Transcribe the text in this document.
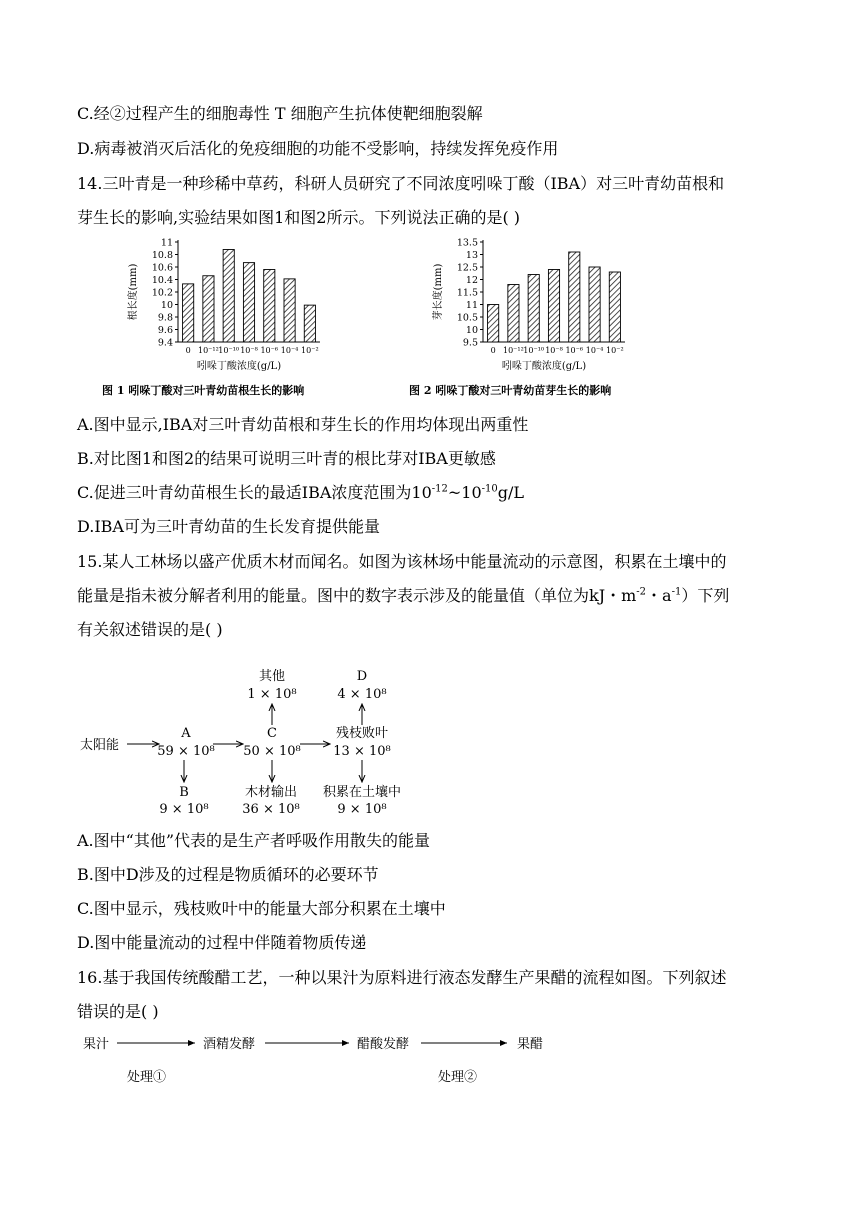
C.经②过程产生的细胞毒性 T 细胞产生抗体使靶细胞裂解
D.病毒被消灭后活化的免疫细胞的功能不受影响，持续发挥免疫作用
14.三叶青是一种珍稀中草药，科研人员研究了不同浓度吲哚丁酸（IBA）对三叶青幼苗根和
芽生长的影响,实验结果如图1和图2所示。下列说法正确的是( )
根长度(mm)
9.4
9.6
9.8
10
10.2
10.4
10.6
10.8
11
0 10⁻¹² 10⁻¹⁰ 10⁻⁸ 10⁻⁶ 10⁻⁴ 10⁻²
吲哚丁酸浓度(g/L)
图 1 吲哚丁酸对三叶青幼苗根生长的影响
芽长度(mm)
9.5
10
10.5
11
11.5
12
12.5
13
13.5
0 10⁻¹² 10⁻¹⁰ 10⁻⁸ 10⁻⁶ 10⁻⁴ 10⁻²
吲哚丁酸浓度(g/L)
图 2 吲哚丁酸对三叶青幼苗芽生长的影响
A.图中显示,IBA对三叶青幼苗根和芽生长的作用均体现出两重性
B.对比图1和图2的结果可说明三叶青的根比芽对IBA更敏感
C.促进三叶青幼苗根生长的最适IBA浓度范围为$10^{-12}\sim 10^{-10}g/L$
D.IBA可为三叶青幼苗的生长发育提供能量
15.某人工林场以盛产优质木材而闻名。如图为该林场中能量流动的示意图，积累在土壤中的
能量是指未被分解者利用的能量。图中的数字表示涉及的能量值（单位为kJ・$m^{-2}$・$a^{-1}$）下列
有关叙述错误的是( )
太阳能
A
59 × 10⁸
B
9 × 10⁸
C
50 × 10⁸
其他
1 × 10⁸
木材输出
36 × 10⁸
残枝败叶
13 × 10⁸
D
4 × 10⁸
积累在土壤中
9 × 10⁸
A.图中“其他”代表的是生产者呼吸作用散失的能量
B.图中D涉及的过程是物质循环的必要环节
C.图中显示，残枝败叶中的能量大部分积累在土壤中
D.图中能量流动的过程中伴随着物质传递
16.基于我国传统酸醋工艺，一种以果汁为原料进行液态发酵生产果醋的流程如图。下列叙述
错误的是( )
果汁	酒精发酵	醋酸发酵	果醋
处理①	处理②
